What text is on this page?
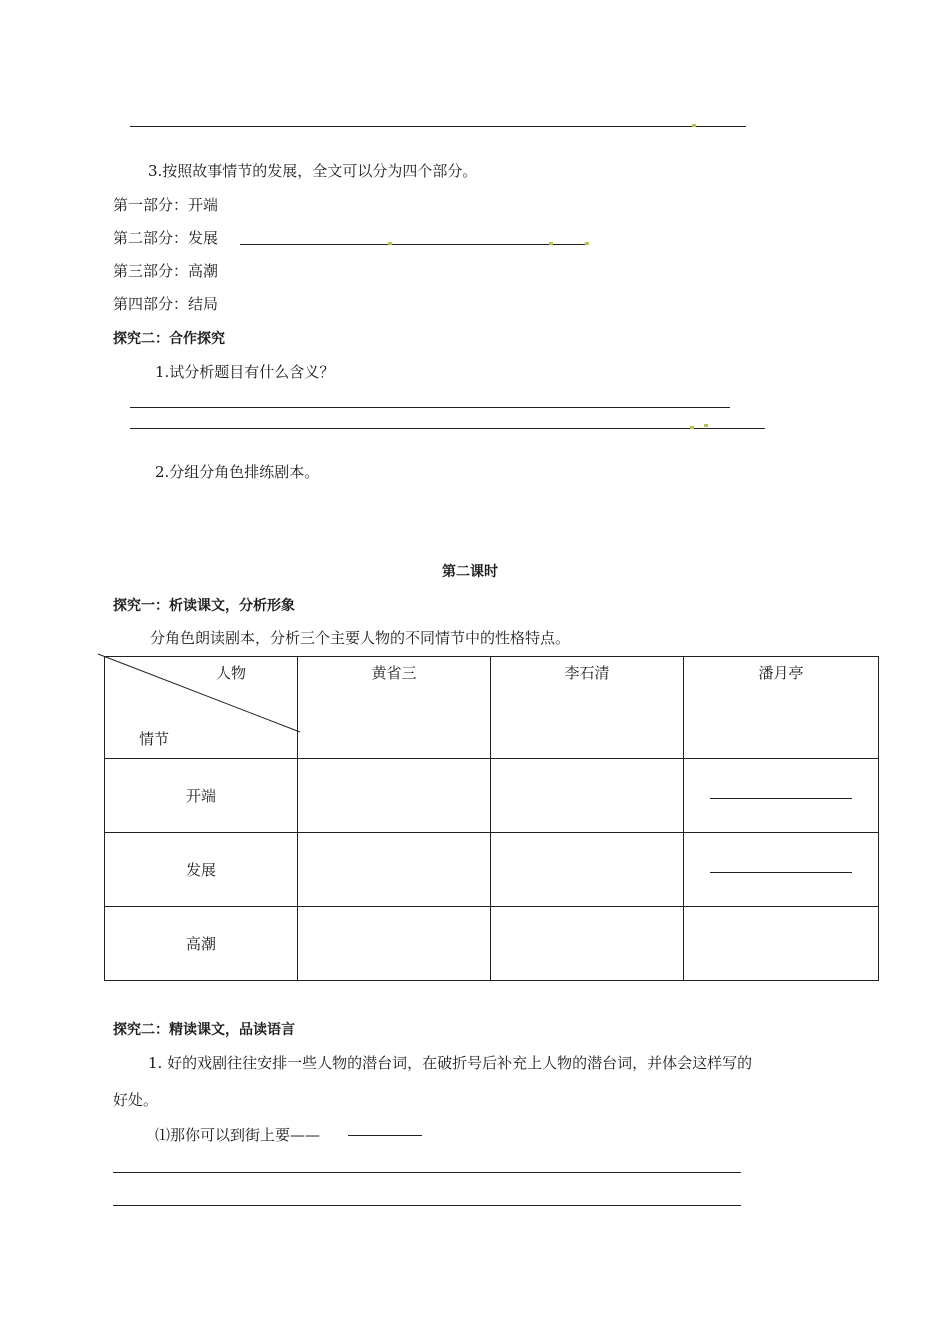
3.按照故事情节的发展，全文可以分为四个部分。
第一部分：开端
第二部分：发展
第三部分：高潮
第四部分：结局
探究二：合作探究
1.试分析题目有什么含义？
2.分组分角色排练剧本。
第二课时
探究一：析读课文，分析形象
分角色朗读剧本，分析三个主要人物的不同情节中的性格特点。
人物
情节	黄省三	李石清	潘月亭

开端			

发展			

高潮			
探究二：精读课文，品读语言
1. 好的戏剧往往安排一些人物的潜台词，在破折号后补充上人物的潜台词，并体会这样写的
好处。
⑴那你可以到街上要——
